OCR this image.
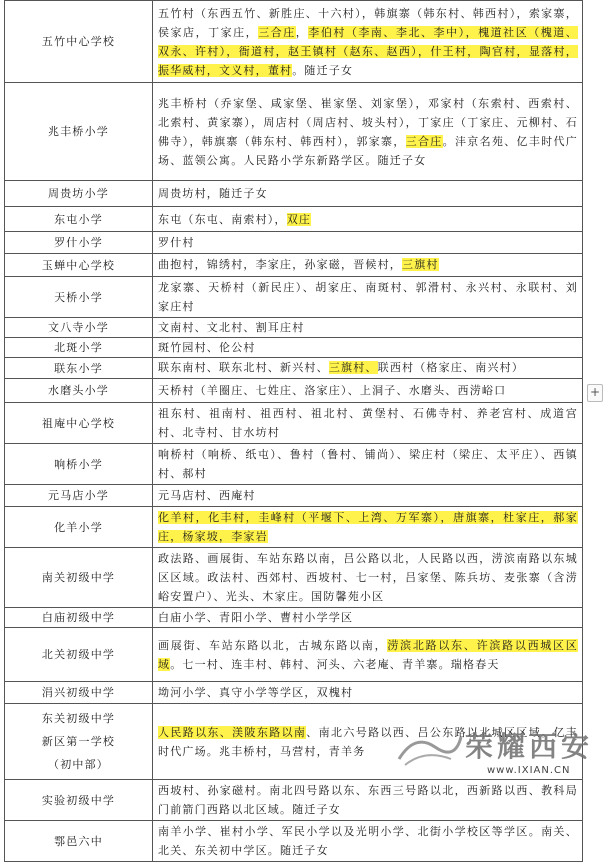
五竹中心学校	五竹村（东西五竹、新胜庄、十六村），韩旗寨（韩东村、韩西村），索家寨，侯家店，丁家庄，三合庄，李伯村（李南、李北、李中），槐道社区（槐道、双永、许村），衙道村，赵王镇村（赵东、赵西），什王村，陶官村，显落村，振华威村，文义村，董村。随迁子女
兆丰桥小学	兆丰桥村（乔家堡、咸家堡、崔家堡、刘家堡），邓家村（东索村、西索村、北索村、黄家寨），周店村（周店村、坡头村），丁家庄（丁家庄、元柳村、石佛寺），韩旗寨（韩东村、韩西村），郭家寨，三合庄。沣京名苑、亿丰时代广场、蓝领公寓。人民路小学东新路学区。随迁子女
周贵坊小学	周贵坊村，随迁子女
东屯小学	东屯（东屯、南索村），双庄
罗什小学	罗什村
玉蝉中心学校	曲抱村，锦绣村，李家庄，孙家磁，晋候村，三旗村
天桥小学	龙家寨、天桥村（新民庄）、胡家庄、南斑村、郭滑村、永兴村、永联村、刘家庄村
文八寺小学	文南村、文北村、割耳庄村
北斑小学	斑竹园村、伦公村
联东小学	联东南村、联东北村、新兴村、三旗村、联西村（格家庄、南兴村）
水磨头小学	天桥村（羊圈庄、七姓庄、洛家庄）、上洞子、水磨头、西涝峪口
祖庵中心学校	祖东村、祖南村、祖西村、祖北村、黄堡村、石佛寺村、养老宫村、成道宫村、北寺村、甘水坊村
响桥小学	响桥村（响桥、纸屯）、鲁村（鲁村、铺尚）、梁庄村（梁庄、太平庄）、西镇村、郝村
元马店小学	元马店村、西庵村
化羊小学	化羊村，化丰村，圭峰村（平堰下、上湾、万军寨），唐旗寨，杜家庄，郝家庄，杨家坡，李家岩
南关初级中学	政法路、画展街、车站东路以南，吕公路以北，人民路以西，涝滨南路以东城区区域。政法村、西郊村、西坡村、七一村，吕家堡、陈兵坊、麦张寨（含涝峪安置户）、光头、木家庄。国防馨苑小区
白庙初级中学	白庙小学、青阳小学、曹村小学学区
北关初级中学	画展街、车站东路以北，古城东路以南，涝滨北路以东、许滨路以西城区区域。七一村、连丰村、韩村、河头、六老庵、青羊寨。瑞格春天
涓兴初级中学	坳河小学、真守小学等学区，双槐村
东关初级中学
新区第一学校
（初中部）	人民路以东、渼陂东路以南、南北六号路以西、吕公东路以北城区区域。亿丰时代广场。兆丰桥村，马营村，青羊务
实验初级中学	西坡村、孙家磁村。南北四号路以东、东西三号路以北，西新路以西、教科局门前箭门西路以北区域。随迁子女
鄠邑六中	南羊小学、崔村小学、军民小学以及光明小学、北街小学校区等学区。南关、北关、东关初中学区。随迁子女
+
荣耀西安
www.IXIAN.CN
